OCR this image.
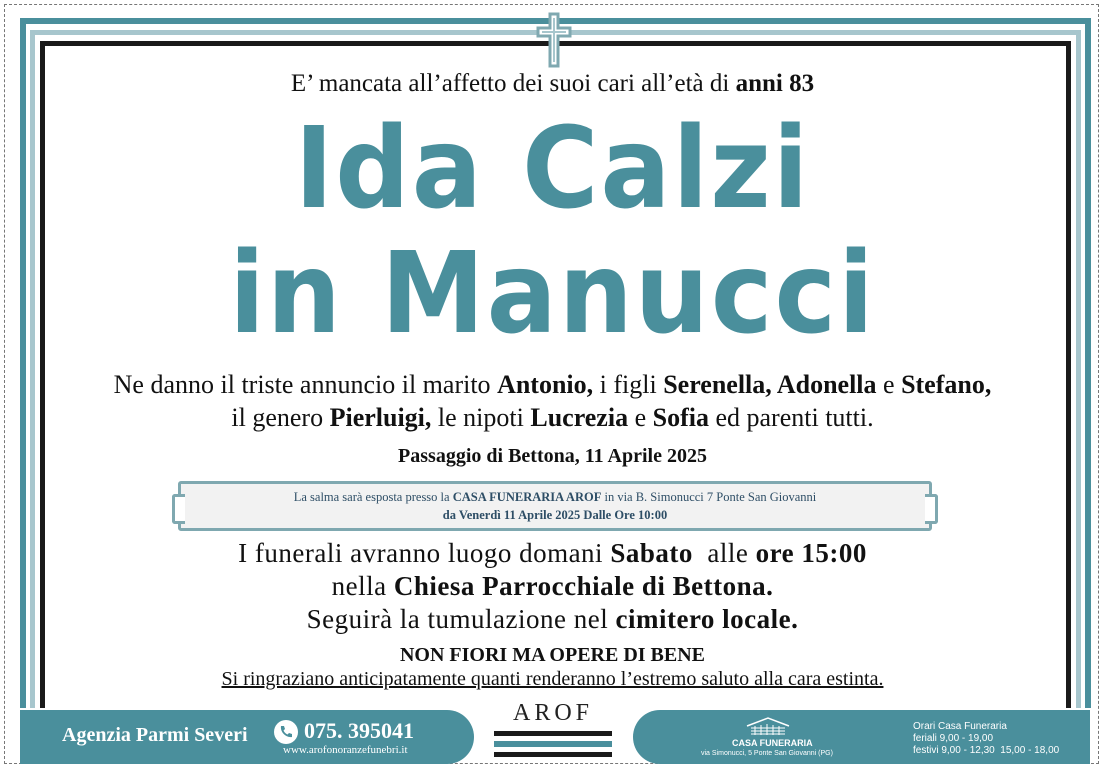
E’ mancata all’affetto dei suoi cari all’età di anni 83
Ida Calzi
in Manucci
Ne danno il triste annuncio il marito Antonio, i figli Serenella, Adonella e Stefano,
il genero Pierluigi, le nipoti Lucrezia e Sofia ed parenti tutti.
Passaggio di Bettona, 11 Aprile 2025
La salma sarà esposta presso la CASA FUNERARIA AROF in via B. Simonucci 7 Ponte San Giovanni
da Venerdì 11 Aprile 2025 Dalle Ore 10:00
I funerali avranno luogo domani Sabato  alle ore 15:00
nella Chiesa Parrocchiale di Bettona.
Seguirà la tumulazione nel cimitero locale.
NON FIORI MA OPERE DI BENE
Si ringraziano anticipatamente quanti renderanno l’estremo saluto alla cara estinta.
Agenzia Parmi Severi	075. 395041
www.arofonoranzefunebri.it
AROF
CASA FUNERARIA
via Simonucci, 5 Ponte San Giovanni (PG)
Orari Casa Funeraria
feriali 9,00 - 19,00
festivi 9,00 - 12,30  15,00 - 18,00
